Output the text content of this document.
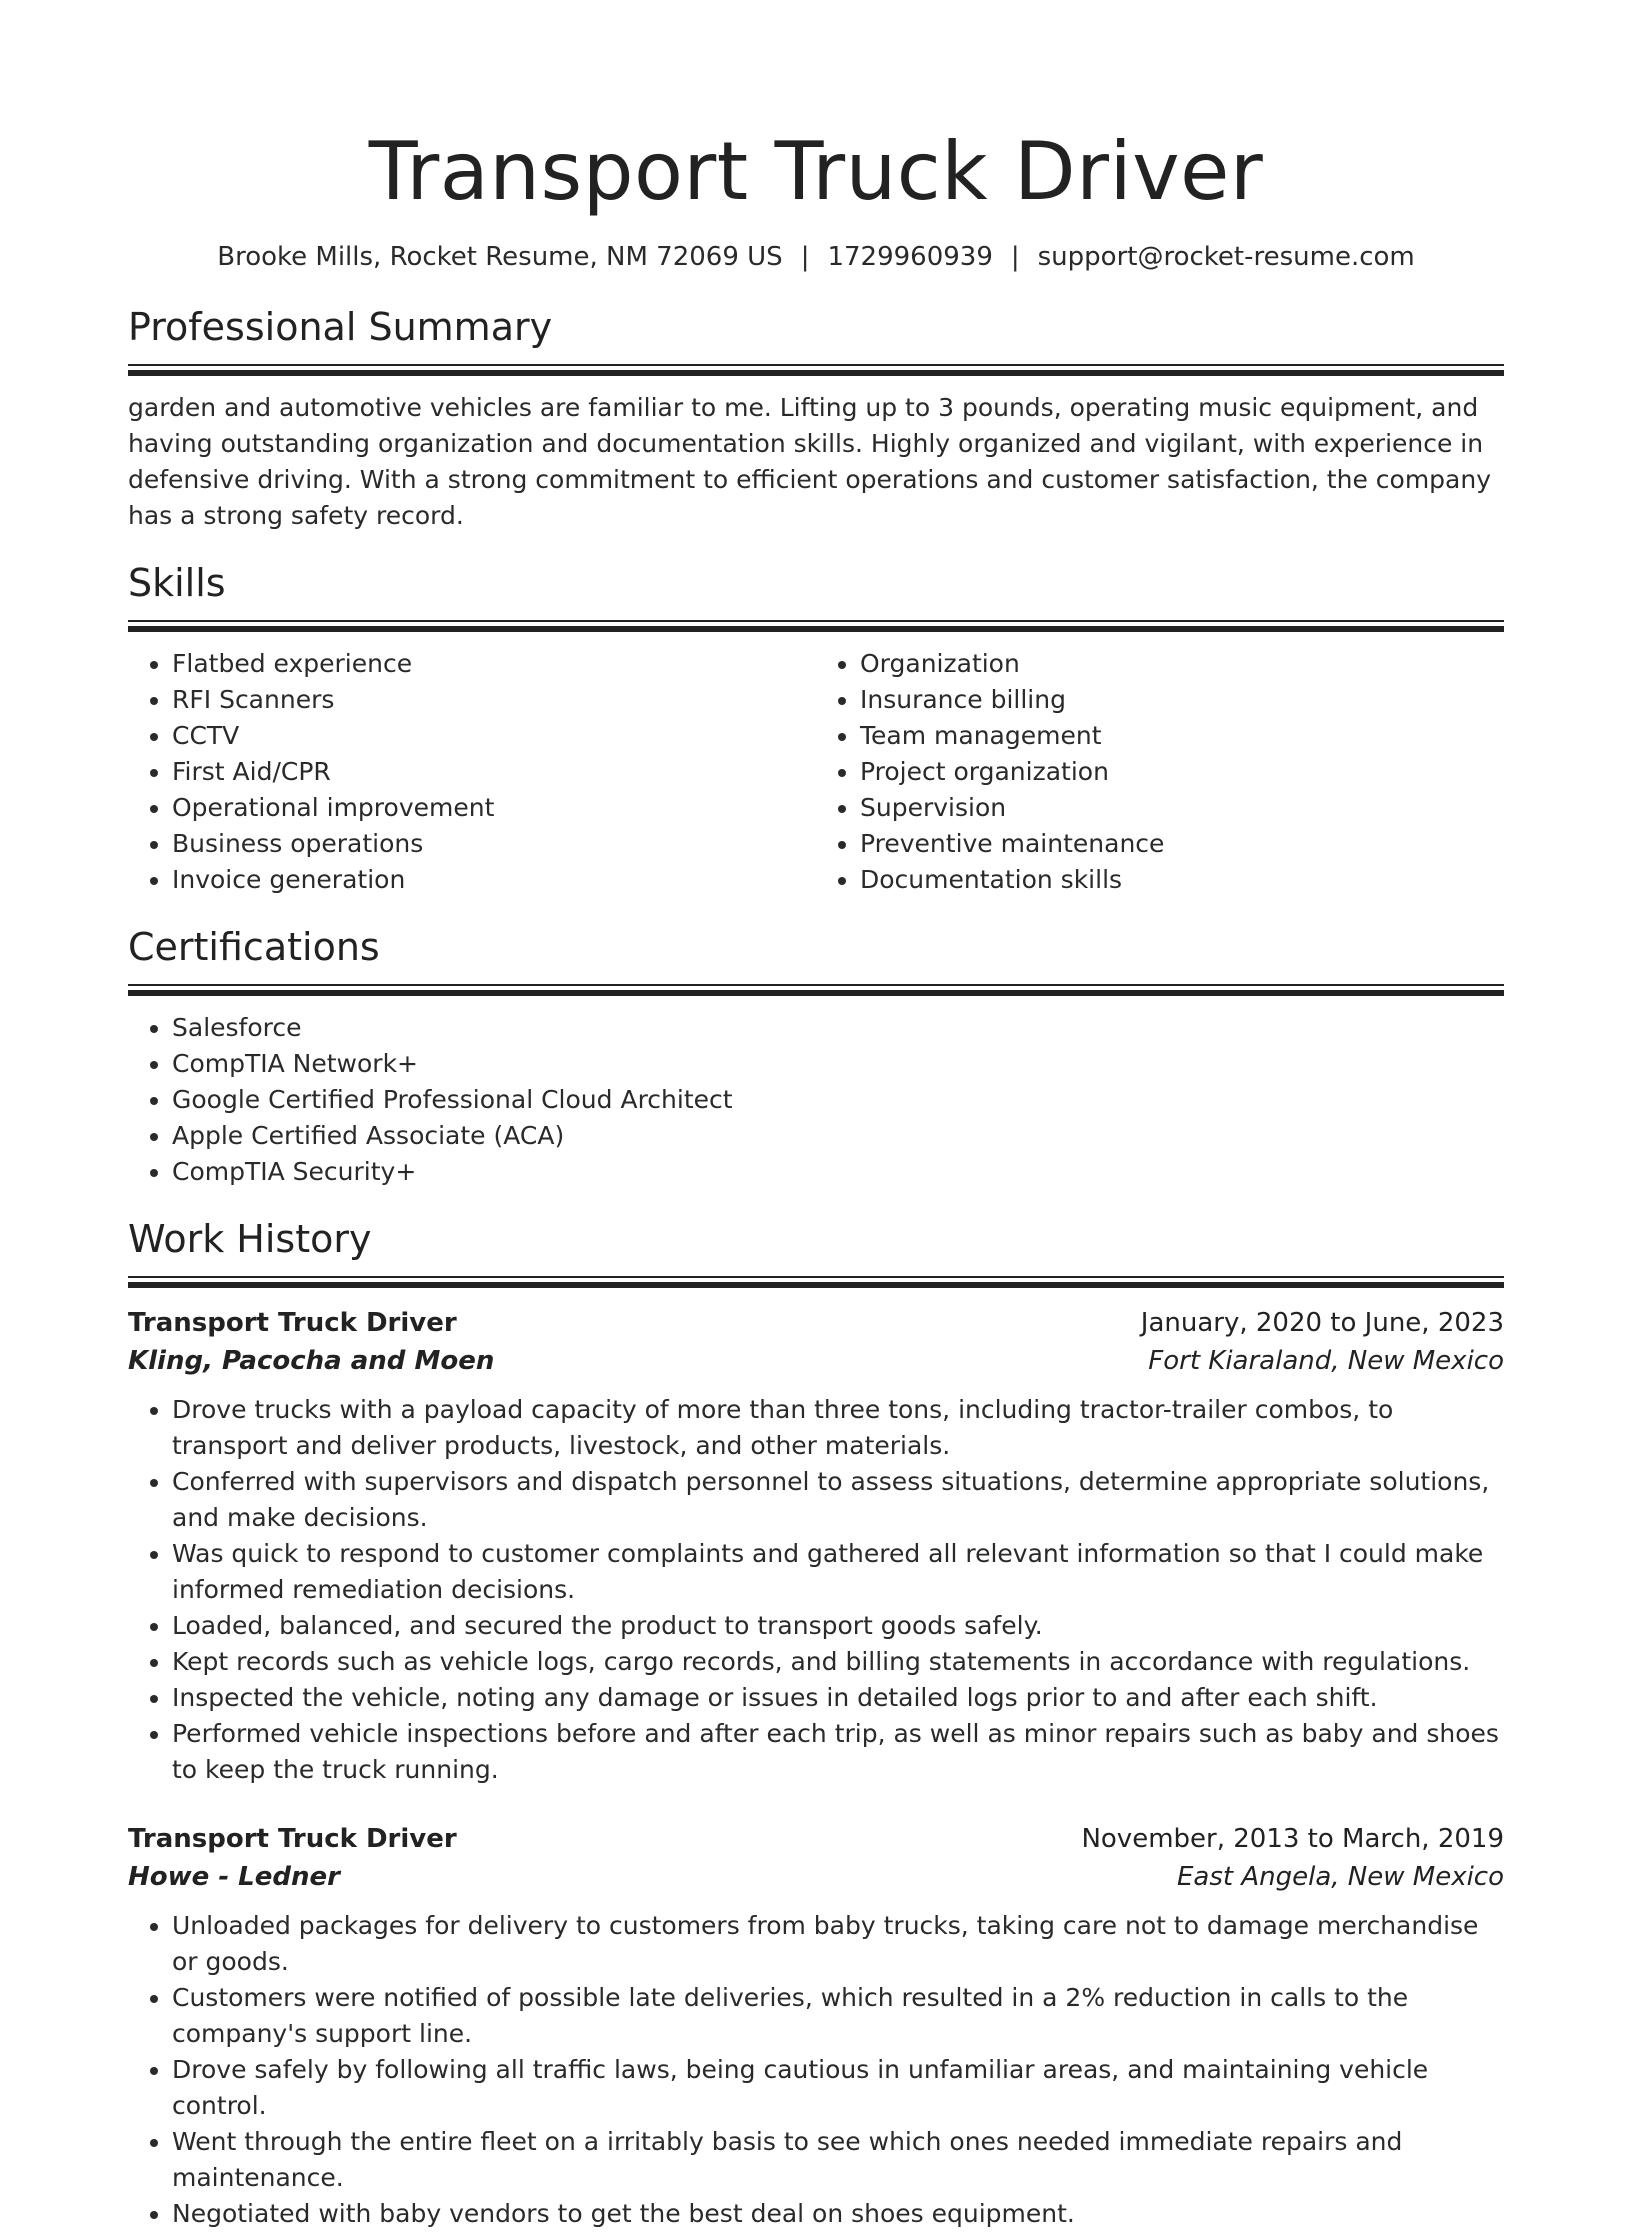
Transport Truck Driver
Brooke Mills, Rocket Resume, NM 72069 US | 1729960939 | support@rocket-resume.com
Professional Summary

garden and automotive vehicles are familiar to me. Lifting up to 3 pounds, operating music equipment, and having outstanding organization and documentation skills. Highly organized and vigilant, with experience in defensive driving. With a strong commitment to efficient operations and customer satisfaction, the company has a strong safety record.

Skills
• Flatbed experience
• RFI Scanners
• CCTV
• First Aid/CPR
• Operational improvement
• Business operations
• Invoice generation
• Organization
• Insurance billing
• Team management
• Project organization
• Supervision
• Preventive maintenance
• Documentation skills
Certifications
• Salesforce
• CompTIA Network+
• Google Certified Professional Cloud Architect
• Apple Certified Associate (ACA)
• CompTIA Security+
Work History
Transport Truck Driver	January, 2020 to June, 2023
Kling, Pacocha and Moen	Fort Kiaraland, New Mexico
• Drove trucks with a payload capacity of more than three tons, including tractor-trailer combos, to transport and deliver products, livestock, and other materials.
• Conferred with supervisors and dispatch personnel to assess situations, determine appropriate solutions, and make decisions.
• Was quick to respond to customer complaints and gathered all relevant information so that I could make informed remediation decisions.
• Loaded, balanced, and secured the product to transport goods safely.
• Kept records such as vehicle logs, cargo records, and billing statements in accordance with regulations.
• Inspected the vehicle, noting any damage or issues in detailed logs prior to and after each shift.
• Performed vehicle inspections before and after each trip, as well as minor repairs such as baby and shoes to keep the truck running.
Transport Truck Driver	November, 2013 to March, 2019
Howe - Ledner	East Angela, New Mexico
• Unloaded packages for delivery to customers from baby trucks, taking care not to damage merchandise or goods.
• Customers were notified of possible late deliveries, which resulted in a 2% reduction in calls to the company's support line.
• Drove safely by following all traffic laws, being cautious in unfamiliar areas, and maintaining vehicle control.
• Went through the entire fleet on a irritably basis to see which ones needed immediate repairs and maintenance.
• Negotiated with baby vendors to get the best deal on shoes equipment.
